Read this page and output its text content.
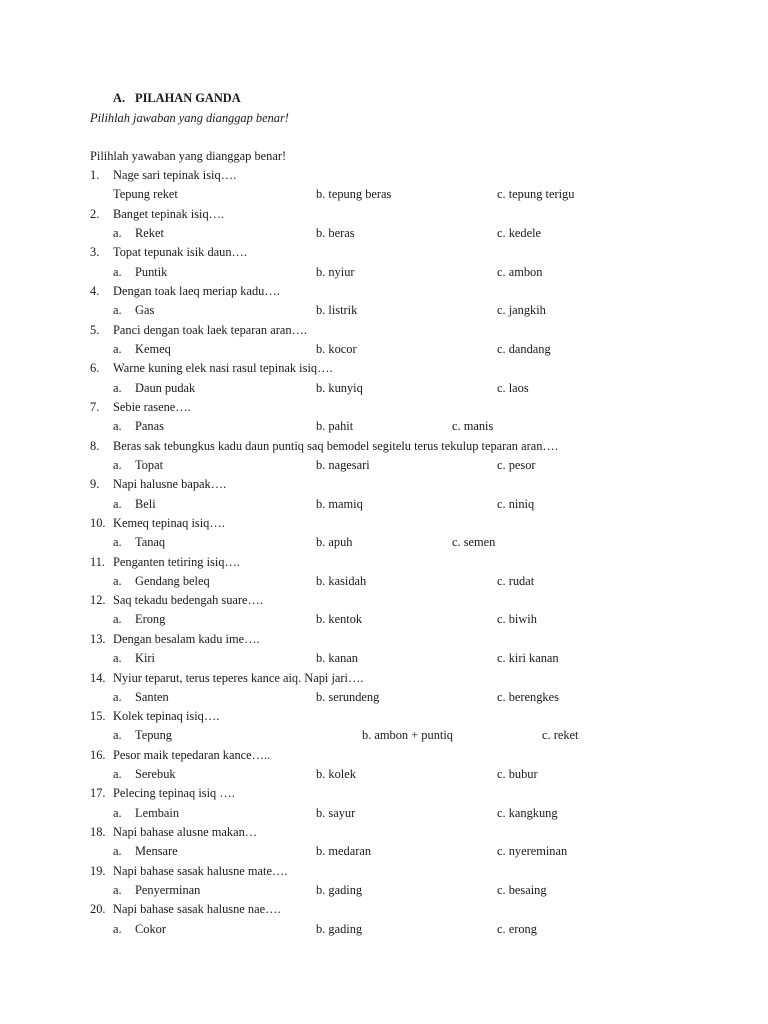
A. PILAHAN GANDA
Pilihlah jawaban yang dianggap benar!
Pilihlah yawaban yang dianggap benar!
1. Nage sari tepinak isiq….
Tepung reket	b. tepung beras	c. tepung terigu
2. Banget tepinak isiq….
a. Reket	b. beras	c. kedele
3. Topat tepunak isik daun….
a. Puntik	b. nyiur	c. ambon
4. Dengan toak laeq meriap kadu….
a. Gas	b. listrik	c. jangkih
5. Panci dengan toak laek teparan aran….
a. Kemeq	b. kocor	c. dandang
6. Warne kuning elek nasi rasul tepinak isiq….
a. Daun pudak	b. kunyiq	c. laos
7. Sebie rasene….
a. Panas	b. pahit	c. manis
8. Beras sak tebungkus kadu daun puntiq saq bemodel segitelu terus tekulup teparan aran….
a. Topat	b. nagesari	c. pesor
9. Napi halusne bapak….
a. Beli	b. mamiq	c. niniq
10. Kemeq tepinaq isiq….
a. Tanaq	b. apuh	c. semen
11. Penganten tetiring isiq….
a. Gendang beleq	b. kasidah	c. rudat
12. Saq tekadu bedengah suare….
a. Erong	b. kentok	c. biwih
13. Dengan besalam kadu ime….
a. Kiri	b. kanan	c. kiri kanan
14. Nyiur teparut, terus teperes kance aiq. Napi jari….
a. Santen	b. serundeng	c. berengkes
15. Kolek tepinaq isiq….
a. Tepung	b. ambon + puntiq	c. reket
16. Pesor maik tepedaran kance…..
a. Serebuk	b. kolek	c. bubur
17. Pelecing tepinaq isiq ….
a. Lembain	b. sayur	c. kangkung
18. Napi bahase alusne makan…
a. Mensare	b. medaran	c. nyereminan
19. Napi bahase sasak halusne mate….
a. Penyerminan	b. gading	c. besaing
20. Napi bahase sasak halusne nae….
a. Cokor	b. gading	c. erong
